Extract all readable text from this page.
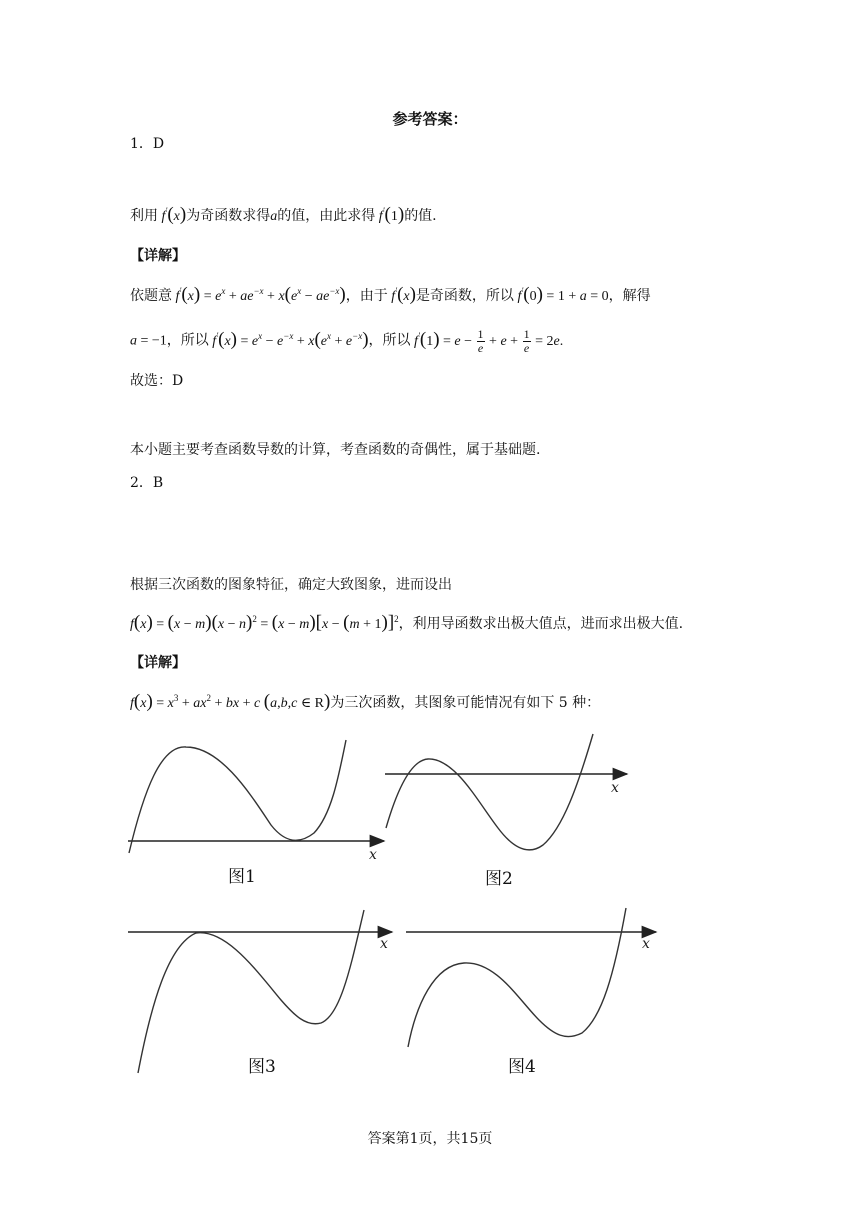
参考答案：
1．D
利用 f'(x)为奇函数求得a的值，由此求得 f'(1)的值.
【详解】
依题意 $f'(x) = e^x + ae^{-x} + x(e^x - ae^{-x})$，由于 f'(x)是奇函数，所以 f'(0) = 1 + a = 0，解得
a = −1，所以 $f'(x) = e^x - e^{-x} + x(e^x + e^{-x})$，所以 $f'(1) = e - \frac{1}{e} + e + \frac{1}{e} = 2e$.
故选：D
本小题主要考查函数导数的计算，考查函数的奇偶性，属于基础题.
2．B
根据三次函数的图象特征，确定大致图象，进而设出
$f(x) = (x - m)(x - n)^2 = (x - m)[x - (m + 1)]^2$，利用导函数求出极大值点，进而求出极大值.
【详解】
$f(x) = x^3 + ax^2$ + bx + c (a,b,c ∈ R)为三次函数，其图象可能情况有如下 5 种：
x
图1
x
图2
x
图3
x
图4
答案第1页，共15页
